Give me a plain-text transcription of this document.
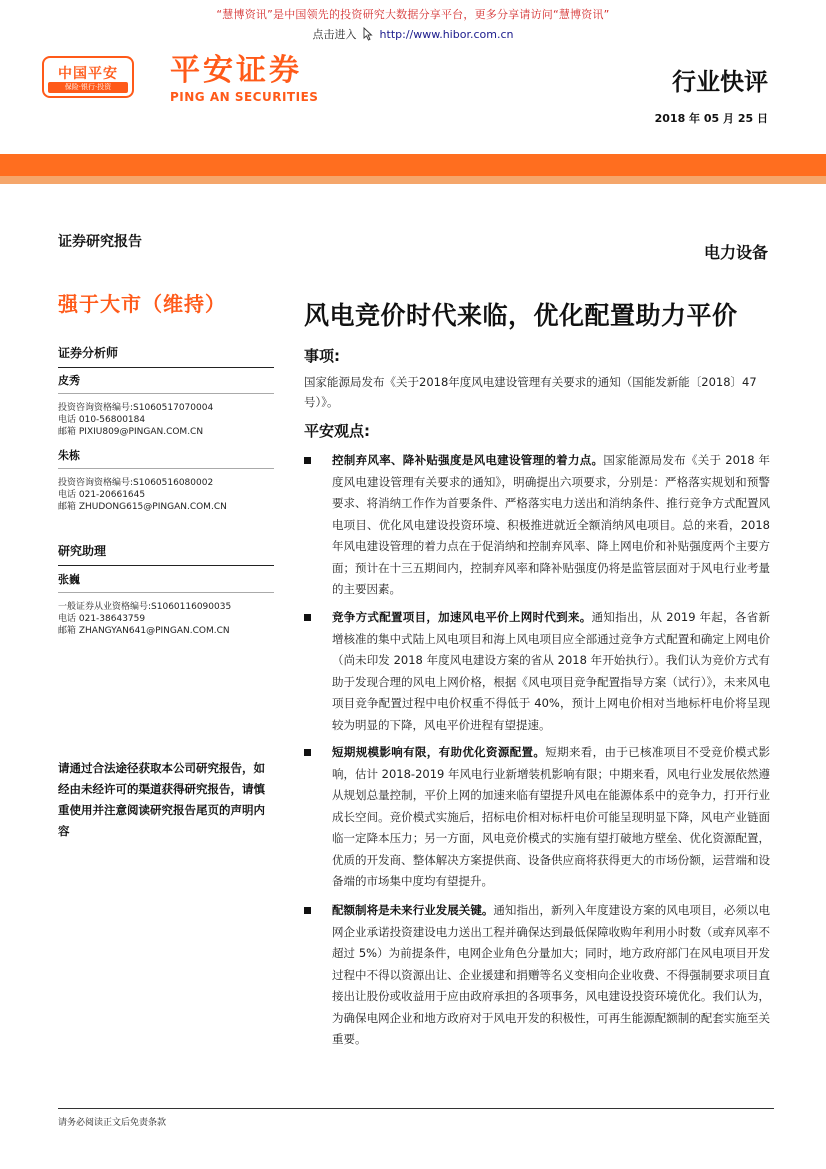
“慧博资讯”是中国领先的投资研究大数据分享平台，更多分享请访问“慧博资讯”
点击进入 http://www.hibor.com.cn
中国平安
保险·银行·投资	平安证券
PING AN SECURITIES
行业快评
2018 年 05 月 25 日
证券研究报告
电力设备
强于大市（维持）	风电竞价时代来临，优化配置助力平价
证券分析师
皮秀
投资咨询资格编号:S1060517070004
电话 010-56800184
邮箱 PIXIU809@PINGAN.COM.CN
朱栋
投资咨询资格编号:S1060516080002
电话 021-20661645
邮箱 ZHUDONG615@PINGAN.COM.CN
研究助理
张巍
一般证券从业资格编号:S1060116090035
电话 021-38643759
邮箱 ZHANGYAN641@PINGAN.COM.CN
请通过合法途径获取本公司研究报告，如经由未经许可的渠道获得研究报告，请慎重使用并注意阅读研究报告尾页的声明内容
事项:
国家能源局发布《关于2018年度风电建设管理有关要求的通知（国能发新能〔2018〕47号）》。
平安观点:
控制弃风率、降补贴强度是风电建设管理的着力点。国家能源局发布《关于 2018 年度风电建设管理有关要求的通知》，明确提出六项要求，分别是：严格落实规划和预警要求、将消纳工作作为首要条件、严格落实电力送出和消纳条件、推行竞争方式配置风电项目、优化风电建设投资环境、积极推进就近全额消纳风电项目。总的来看，2018 年风电建设管理的着力点在于促消纳和控制弃风率、降上网电价和补贴强度两个主要方面；预计在十三五期间内，控制弃风率和降补贴强度仍将是监管层面对于风电行业考量的主要因素。
竞争方式配置项目，加速风电平价上网时代到来。通知指出，从 2019 年起，各省新增核准的集中式陆上风电项目和海上风电项目应全部通过竞争方式配置和确定上网电价（尚未印发 2018 年度风电建设方案的省从 2018 年开始执行）。我们认为竞价方式有助于发现合理的风电上网价格，根据《风电项目竞争配置指导方案（试行）》，未来风电项目竞争配置过程中电价权重不得低于 40%，预计上网电价相对当地标杆电价将呈现较为明显的下降，风电平价进程有望提速。
短期规模影响有限，有助优化资源配置。短期来看，由于已核准项目不受竞价模式影响，估计 2018-2019 年风电行业新增装机影响有限；中期来看，风电行业发展依然遵从规划总量控制，平价上网的加速来临有望提升风电在能源体系中的竞争力，打开行业成长空间。竞价模式实施后，招标电价相对标杆电价可能呈现明显下降，风电产业链面临一定降本压力；另一方面，风电竞价模式的实施有望打破地方壁垒、优化资源配置，优质的开发商、整体解决方案提供商、设备供应商将获得更大的市场份额，运营端和设备端的市场集中度均有望提升。
配额制将是未来行业发展关键。通知指出，新列入年度建设方案的风电项目，必须以电网企业承诺投资建设电力送出工程并确保达到最低保障收购年利用小时数（或弃风率不超过 5%）为前提条件，电网企业角色分量加大；同时，地方政府部门在风电项目开发过程中不得以资源出让、企业援建和捐赠等名义变相向企业收费、不得强制要求项目直接出让股份或收益用于应由政府承担的各项事务，风电建设投资环境优化。我们认为，为确保电网企业和地方政府对于风电开发的积极性，可再生能源配额制的配套实施至关重要。
请务必阅读正文后免责条款
